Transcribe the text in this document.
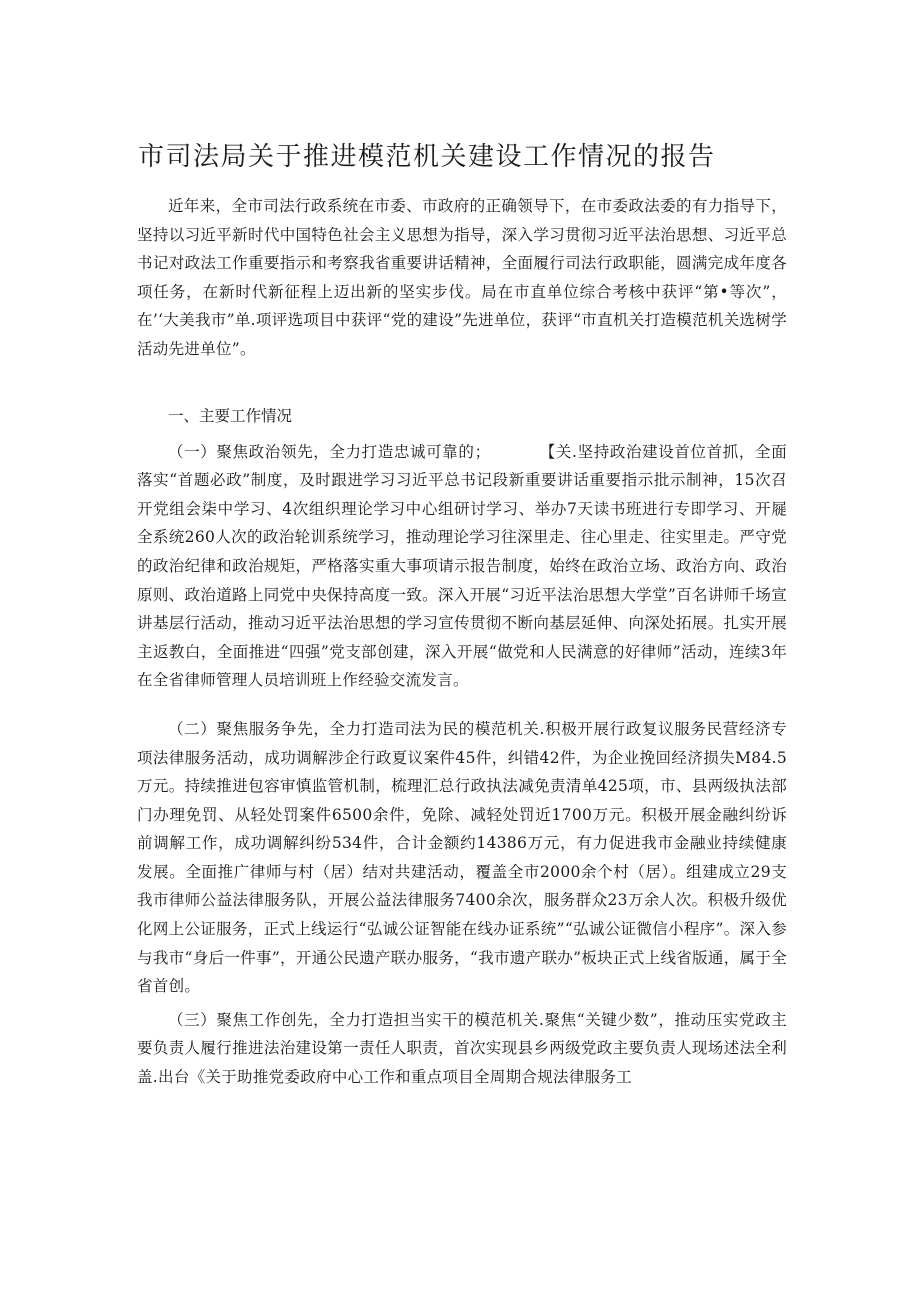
市司法局关于推进模范机关建设工作情况的报告

近年来，全市司法行政系统在市委、市政府的正确领导下，在市委政法委的有力指导下，坚持以习近平新时代中国特色社会主义思想为指导，深入学习贯彻习近平法治思想、习近平总书记对政法工作重要指示和考察我省重要讲话精神，全面履行司法行政职能，圆满完成年度各项任务，在新时代新征程上迈出新的坚实步伐。局在市直单位综合考核中获评“第•等次”，在’‘大美我市”单.项评选项目中获评“党的建设”先进单位，获评“市直机关打造模范机关选树学活动先进单位”。

一、主要工作情况

（一）聚焦政治领先，全力打造忠诚可靠的；　　　　【关.坚持政治建设首位首抓，全面落实“首题必政”制度，及时跟进学习习近平总书记段新重要讲话重要指示批示制神，15次召开党组会柒中学习、4次组织理论学习中心组研讨学习、举办7天读书班进行专即学习、开屣全系统260人次的政治轮训系统学习，推动理论学习往深里走、往心里走、往实里走。严守党的政治纪律和政治规矩，严格落实重大事项请示报告制度，始终在政治立场、政治方向、政治原则、政治道路上同党中央保持高度一致。深入开展“习近平法治思想大学堂”百名讲师千场宣讲基层行活动，推动习近平法治思想的学习宣传贯彻不断向基层延伸、向深处拓展。扎实开展主返教白，全面推进“四强”党支部创建，深入开展“做党和人民满意的好律师”活动，连续3年在全省律师管理人员培训班上作经验交流发言。

（二）聚焦服务争先，全力打造司法为民的模范机关.积极开展行政复议服务民营经济专项法律服务活动，成功调解涉企行政夏议案件45件，纠错42件，为企业挽回经济损失M84.5万元。持续推进包容审慎监管机制，梳理汇总行政执法减免责清单425项，市、县两级执法部门办理免罚、从轻处罚案件6500余件，免除、减轻处罚近1700万元。积极开展金融纠纷诉前调解工作，成功调解纠纷534件，合计金额约14386万元，有力促进我市金融业持续健康发展。全面推广律师与村（居）结对共建活动，覆盖全市2000余个村（居）。组建成立29支我市律师公益法律服务队，开展公益法律服务7400余次，服务群众23万余人次。积极升级优化网上公证服务，正式上线运行“弘诚公证智能在线办证系统”“弘诚公证微信小程序”。深入参与我市“身后一件事”，开通公民遗产联办服务，“我市遗产联办”板块正式上线省版通，属于全省首创。

（三）聚焦工作创先，全力打造担当实干的模范机关.聚焦“关键少数”，推动压实党政主要负责人履行推进法治建设第一责任人职责，首次实现县乡两级党政主要负责人现场述法全利盖.出台《关于助推党委政府中心工作和重点项目全周期合规法律服务工
